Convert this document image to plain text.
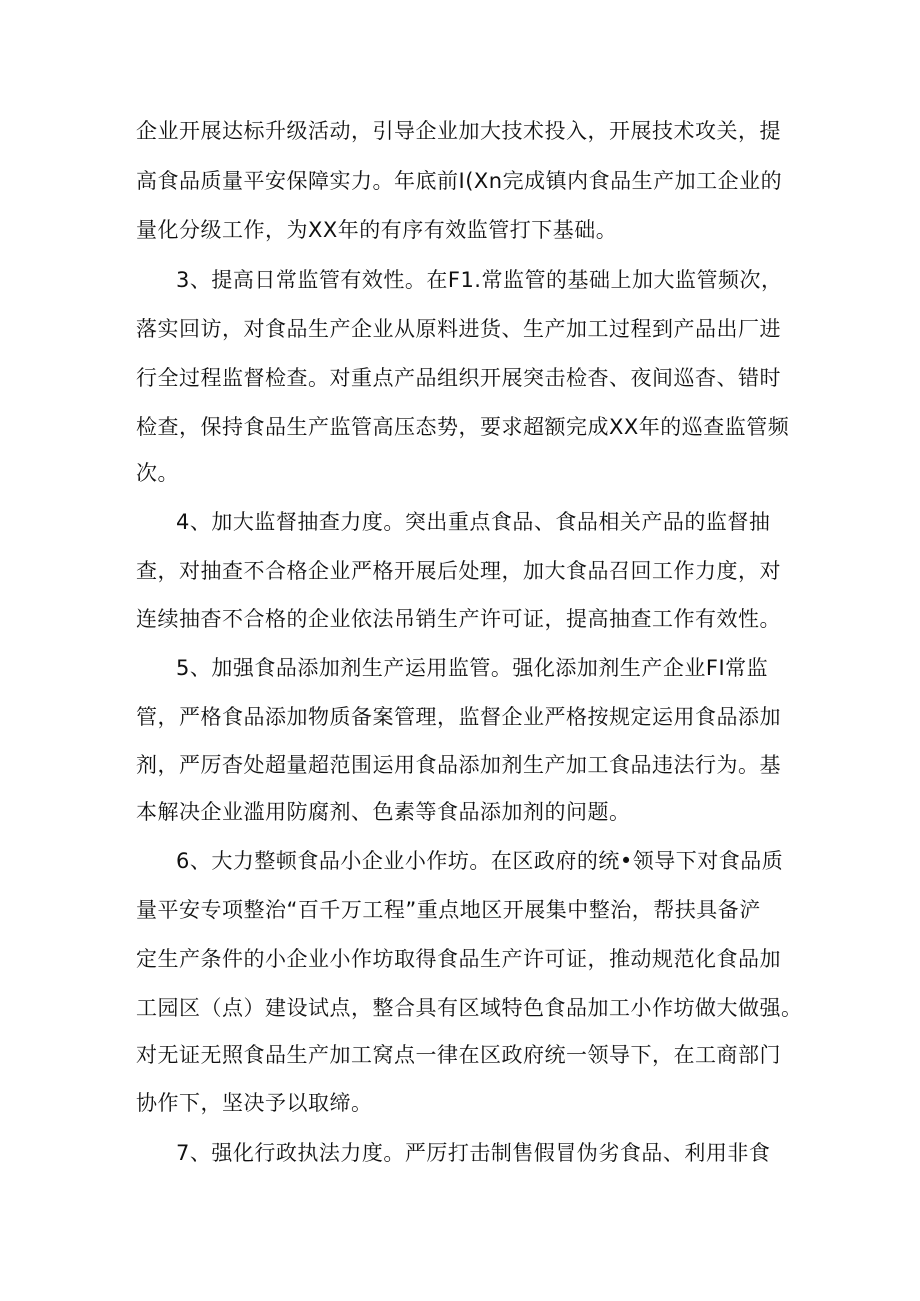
企业开展达标升级活动，引导企业加大技术投入，开展技术攻关，提
高食品质量平安保障实力。年底前I(Xn完成镇内食品生产加工企业的
量化分级工作，为XX年的有序有效监管打下基础。
3、提高日常监管有效性。在F1.常监管的基础上加大监管频次，
落实回访，对食品生产企业从原料进货、生产加工过程到产品出厂进
行全过程监督检查。对重点产品组织开展突击检杳、夜间巡杳、错时
检查，保持食品生产监管高压态势，要求超额完成XX年的巡查监管频
次。
4、加大监督抽查力度。突出重点食品、食品相关产品的监督抽
查，对抽查不合格企业严格开展后处理，加大食品召回工作力度，对
连续抽杳不合格的企业依法吊销生产许可证，提高抽查工作有效性。
5、加强食品添加剂生产运用监管。强化添加剂生产企业FI常监
管，严格食品添加物质备案管理，监督企业严格按规定运用食品添加
剂，严厉杳处超量超范围运用食品添加剂生产加工食品违法行为。基
本解决企业滥用防腐剂、色素等食品添加剂的问题。
6、大力整顿食品小企业小作坊。在区政府的统•领导下对食品质
量平安专项整治“百千万工程”重点地区开展集中整治，帮扶具备浐
定生产条件的小企业小作坊取得食品生产许可证，推动规范化食品加
工园区（点）建设试点，整合具有区域特色食品加工小作坊做大做强。
对无证无照食品生产加工窝点一律在区政府统一领导下，在工商部门
协作下，坚决予以取缔。
7、强化行政执法力度。严厉打击制售假冒伪劣食品、利用非食
